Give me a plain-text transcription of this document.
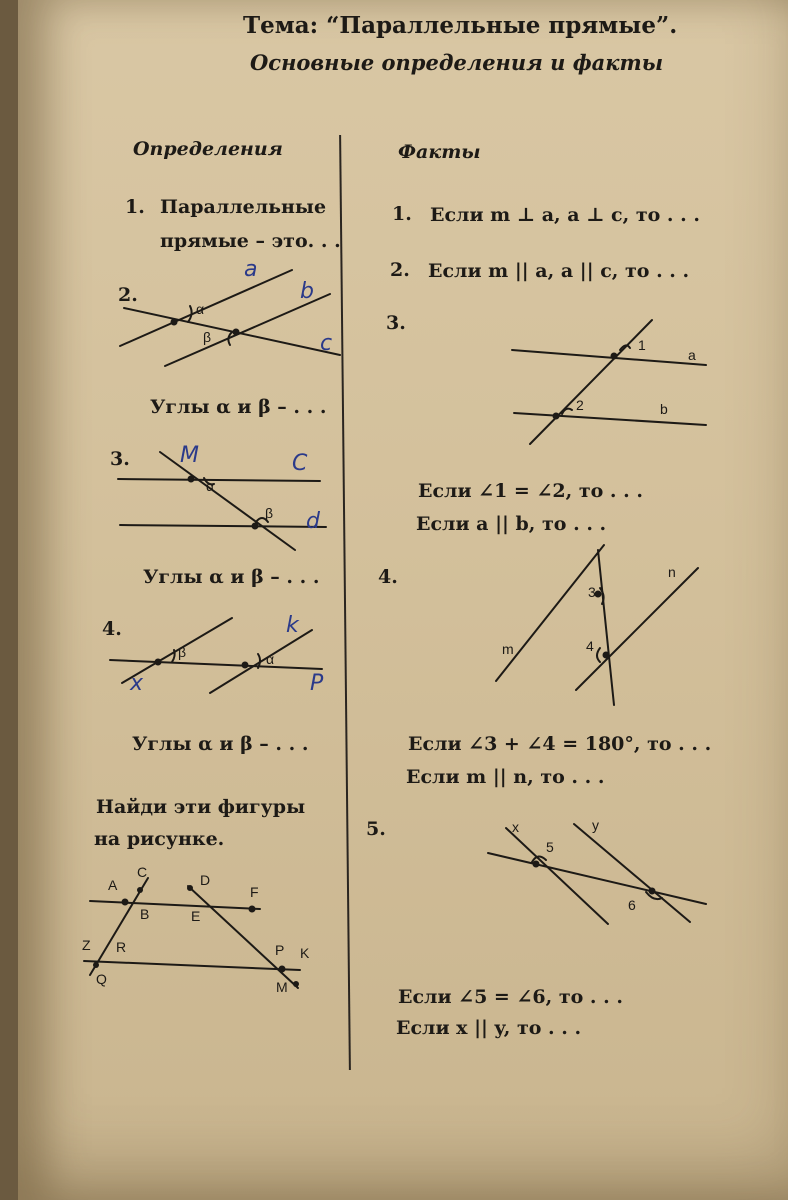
Тема: “Параллельные прямые”.

Основные определения и факты

Определения

1. Параллельные

прямые – это. . .

2.

Углы α и β – . . .

3.

Углы α и β – . . .

4.

Углы α и β – . . .

Найди эти фигуры

на рисунке.

Факты

1. Если m ⊥ a, a ⊥ c, то . . .

2. Если m || a, a || c, то . . .

3.

Если ∠1 = ∠2, то . . .

Если a || b, то . . .

4.

Если ∠3 + ∠4 = 180°, то . . .

Если m || n, то . . .

5.

Если ∠5 = ∠6, то . . .

Если x || y, то . . .

α
β
α
β
β	α
A
C	D
F
B	E
Z R	P K
Q	M
1
2
a
b
3
4
m
n
5
6
x	y
a
b
c
M	C
d
x
k
P
